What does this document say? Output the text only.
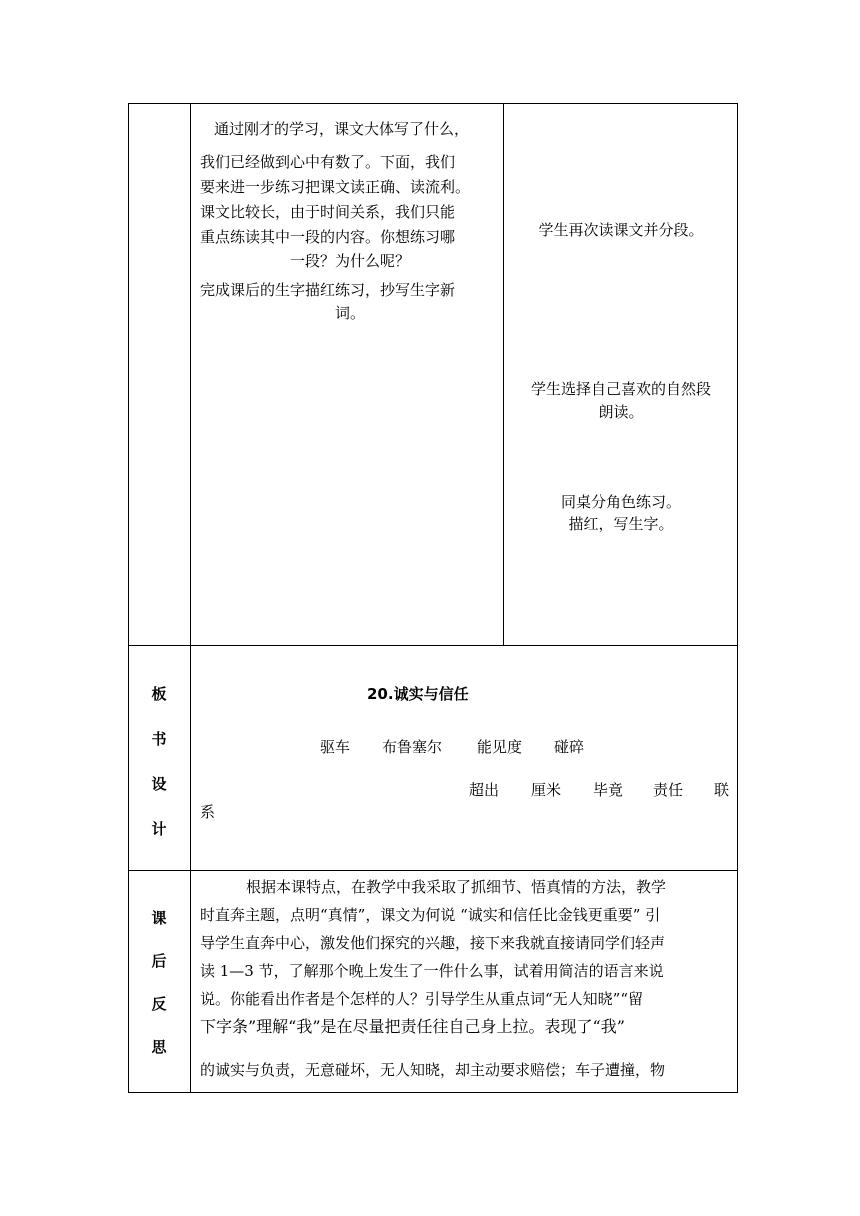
通过刚才的学习，课文大体写了什么，
我们已经做到心中有数了。下面，我们
要来进一步练习把课文读正确、读流利。
课文比较长，由于时间关系，我们只能
重点练读其中一段的内容。你想练习哪
一段？为什么呢？
完成课后的生字描红练习，抄写生字新
词。
学生再次读课文并分段。
学生选择自己喜欢的自然段
朗读。
同桌分角色练习。
描红，写生字。
板
书
设
计
20.诚实与信任
驱车 布鲁塞尔 能见度 碰碎
超出 厘米 毕竟 责任 联
系
课
后
反
思
根据本课特点，在教学中我采取了抓细节、悟真情的方法，教学
时直奔主题，点明“真情”，课文为何说 “诚实和信任比金钱更重要” 引
导学生直奔中心，激发他们探究的兴趣，接下来我就直接请同学们轻声
读 1—3 节，了解那个晚上发生了一件什么事，试着用简洁的语言来说
说。你能看出作者是个怎样的人？引导学生从重点词“无人知晓”“留
下字条”理解“我”是在尽量把责任往自己身上拉。表现了“我”
的诚实与负责，无意碰坏，无人知晓，却主动要求赔偿；车子遭撞，物
